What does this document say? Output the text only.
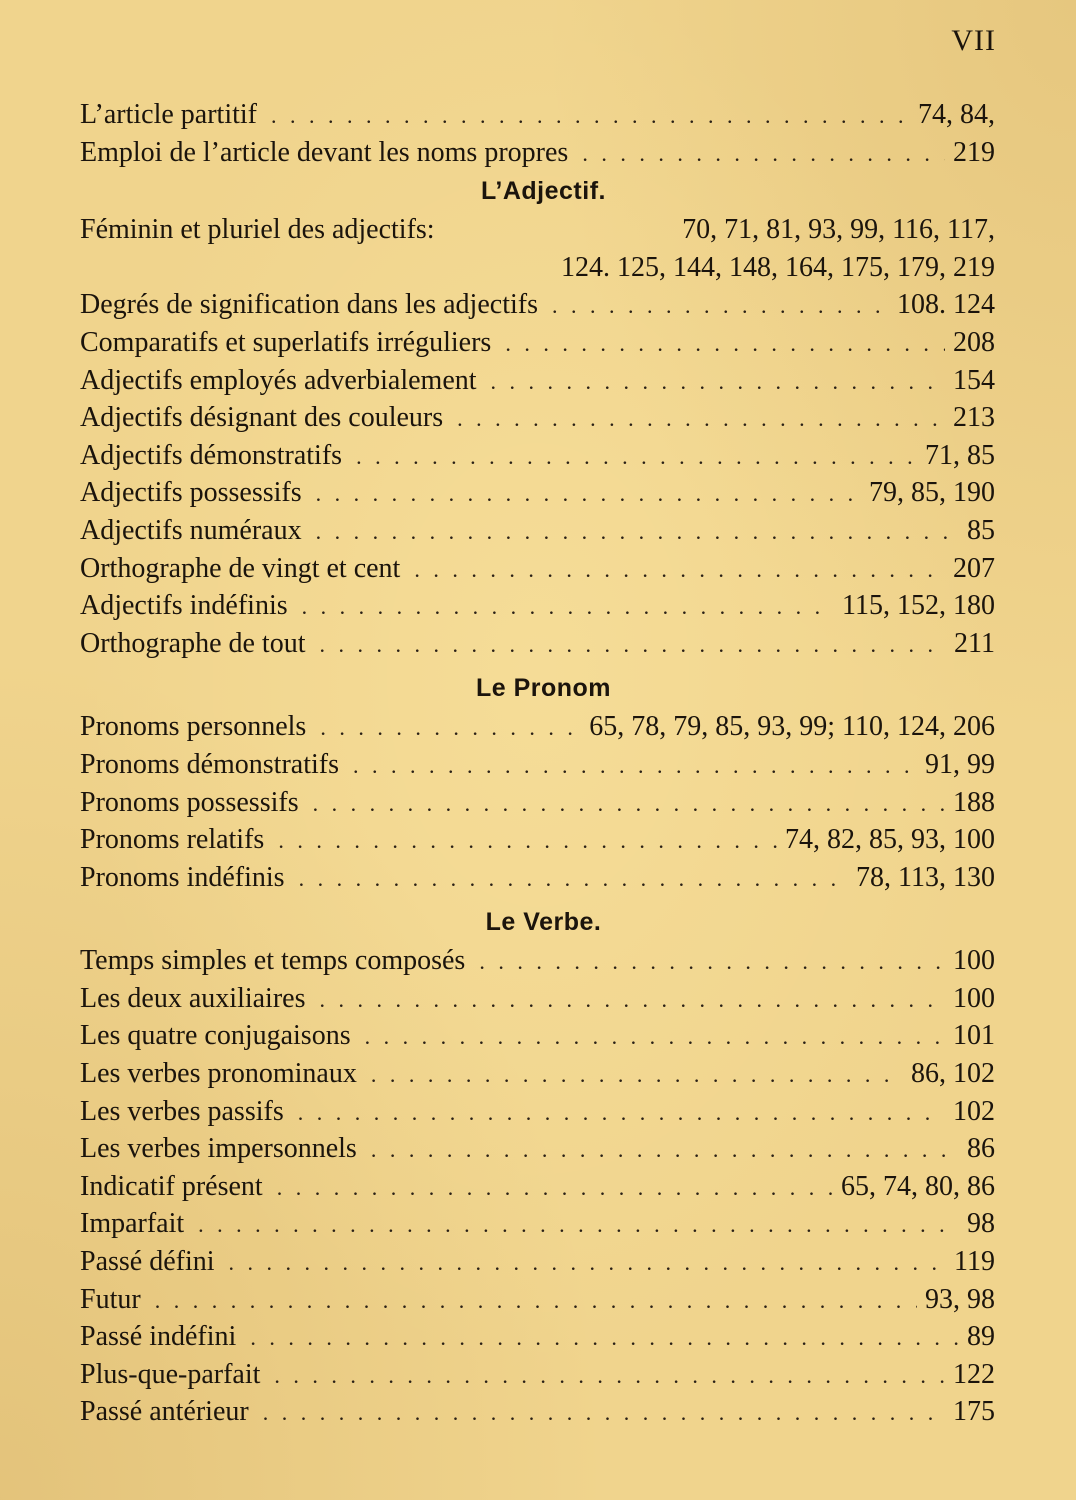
VII
L’article partitif . . .	74, 84,
Emploi de l’article devant les noms propres . . .	219
L’Adjectif.
Féminin et pluriel des adjectifs:	70, 71, 81, 93, 99, 116, 117,
124. 125, 144, 148, 164, 175, 179, 219
Degrés de signification dans les adjectifs . . .	108. 124
Comparatifs et superlatifs irréguliers . . .	208
Adjectifs employés adverbialement . . .	154
Adjectifs désignant des couleurs . . .	213
Adjectifs démonstratifs . . .	71, 85
Adjectifs possessifs . . .	79, 85, 190
Adjectifs numéraux . . .	85
Orthographe de vingt et cent . . .	207
Adjectifs indéfinis . . .	115, 152, 180
Orthographe de tout . . .	211
Le Pronom
Pronoms personnels . . .	65, 78, 79, 85, 93, 99; 110, 124, 206
Pronoms démonstratifs . . .	91, 99
Pronoms possessifs . . .	188
Pronoms relatifs . . .	74, 82, 85, 93, 100
Pronoms indéfinis . . .	78, 113, 130
Le Verbe.
Temps simples et temps composés . . .	100
Les deux auxiliaires . . .	100
Les quatre conjugaisons . . .	101
Les verbes pronominaux . . .	86, 102
Les verbes passifs . . .	102
Les verbes impersonnels . . .	86
Indicatif présent . . .	65, 74, 80, 86
Imparfait . . .	98
Passé défini . . .	119
Futur . . .	93, 98
Passé indéfini . . .	89
Plus-que-parfait . . .	122
Passé antérieur . . .	175
